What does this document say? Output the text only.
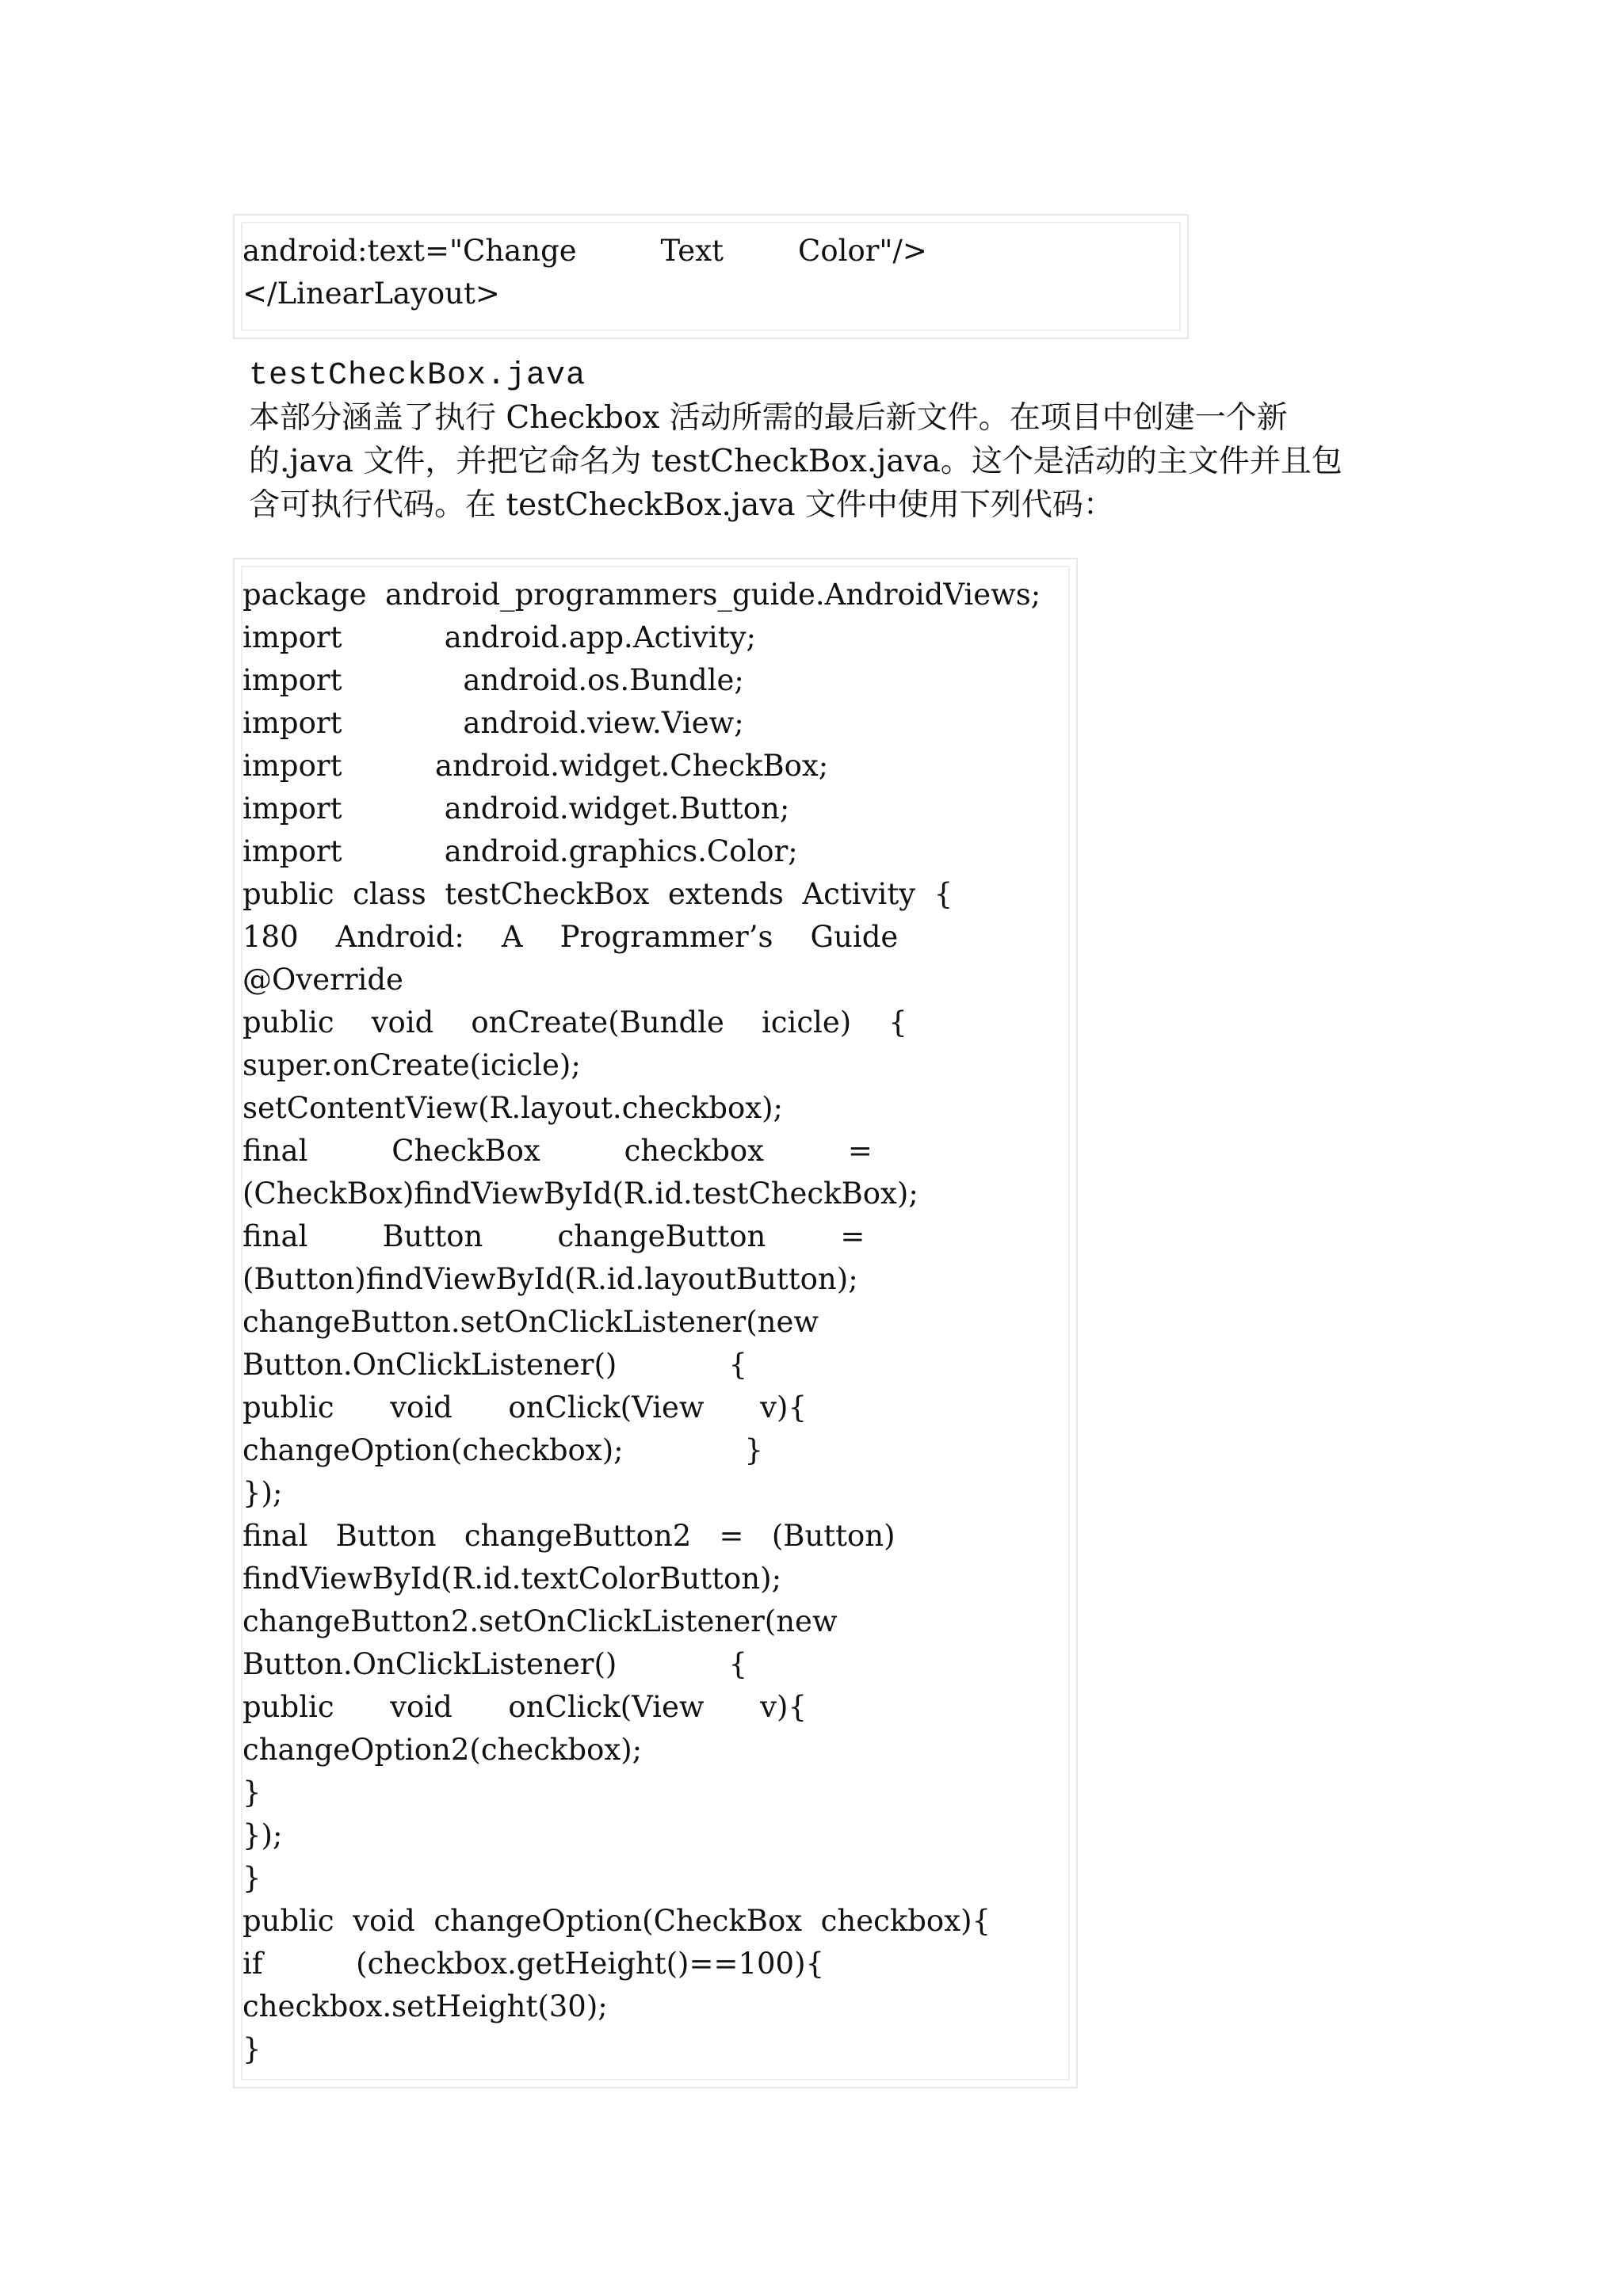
android:text="Change         Text        Color"/>
</LinearLayout>
testCheckBox.java
本部分涵盖了执行 Checkbox 活动所需的最后新文件。在项目中创建一个新
的.java 文件，并把它命名为 testCheckBox.java。这个是活动的主文件并且包
含可执行代码。在 testCheckBox.java 文件中使用下列代码：
package  android_programmers_guide.AndroidViews;
import           android.app.Activity;
import             android.os.Bundle;
import             android.view.View;
import          android.widget.CheckBox;
import           android.widget.Button;
import           android.graphics.Color;
public  class  testCheckBox  extends  Activity  {
180    Android:    A    Programmer’s    Guide
@Override
public    void    onCreate(Bundle    icicle)    {
super.onCreate(icicle);
setContentView(R.layout.checkbox);
final         CheckBox         checkbox         =
(CheckBox)findViewById(R.id.testCheckBox);
final        Button        changeButton        =
(Button)findViewById(R.id.layoutButton);
changeButton.setOnClickListener(new
Button.OnClickListener()            {
public      void      onClick(View      v){
changeOption(checkbox);             }
});
final   Button   changeButton2   =   (Button)
findViewById(R.id.textColorButton);
changeButton2.setOnClickListener(new
Button.OnClickListener()            {
public      void      onClick(View      v){
changeOption2(checkbox);
}
});
}
public  void  changeOption(CheckBox  checkbox){
if          (checkbox.getHeight()==100){
checkbox.setHeight(30);
}
